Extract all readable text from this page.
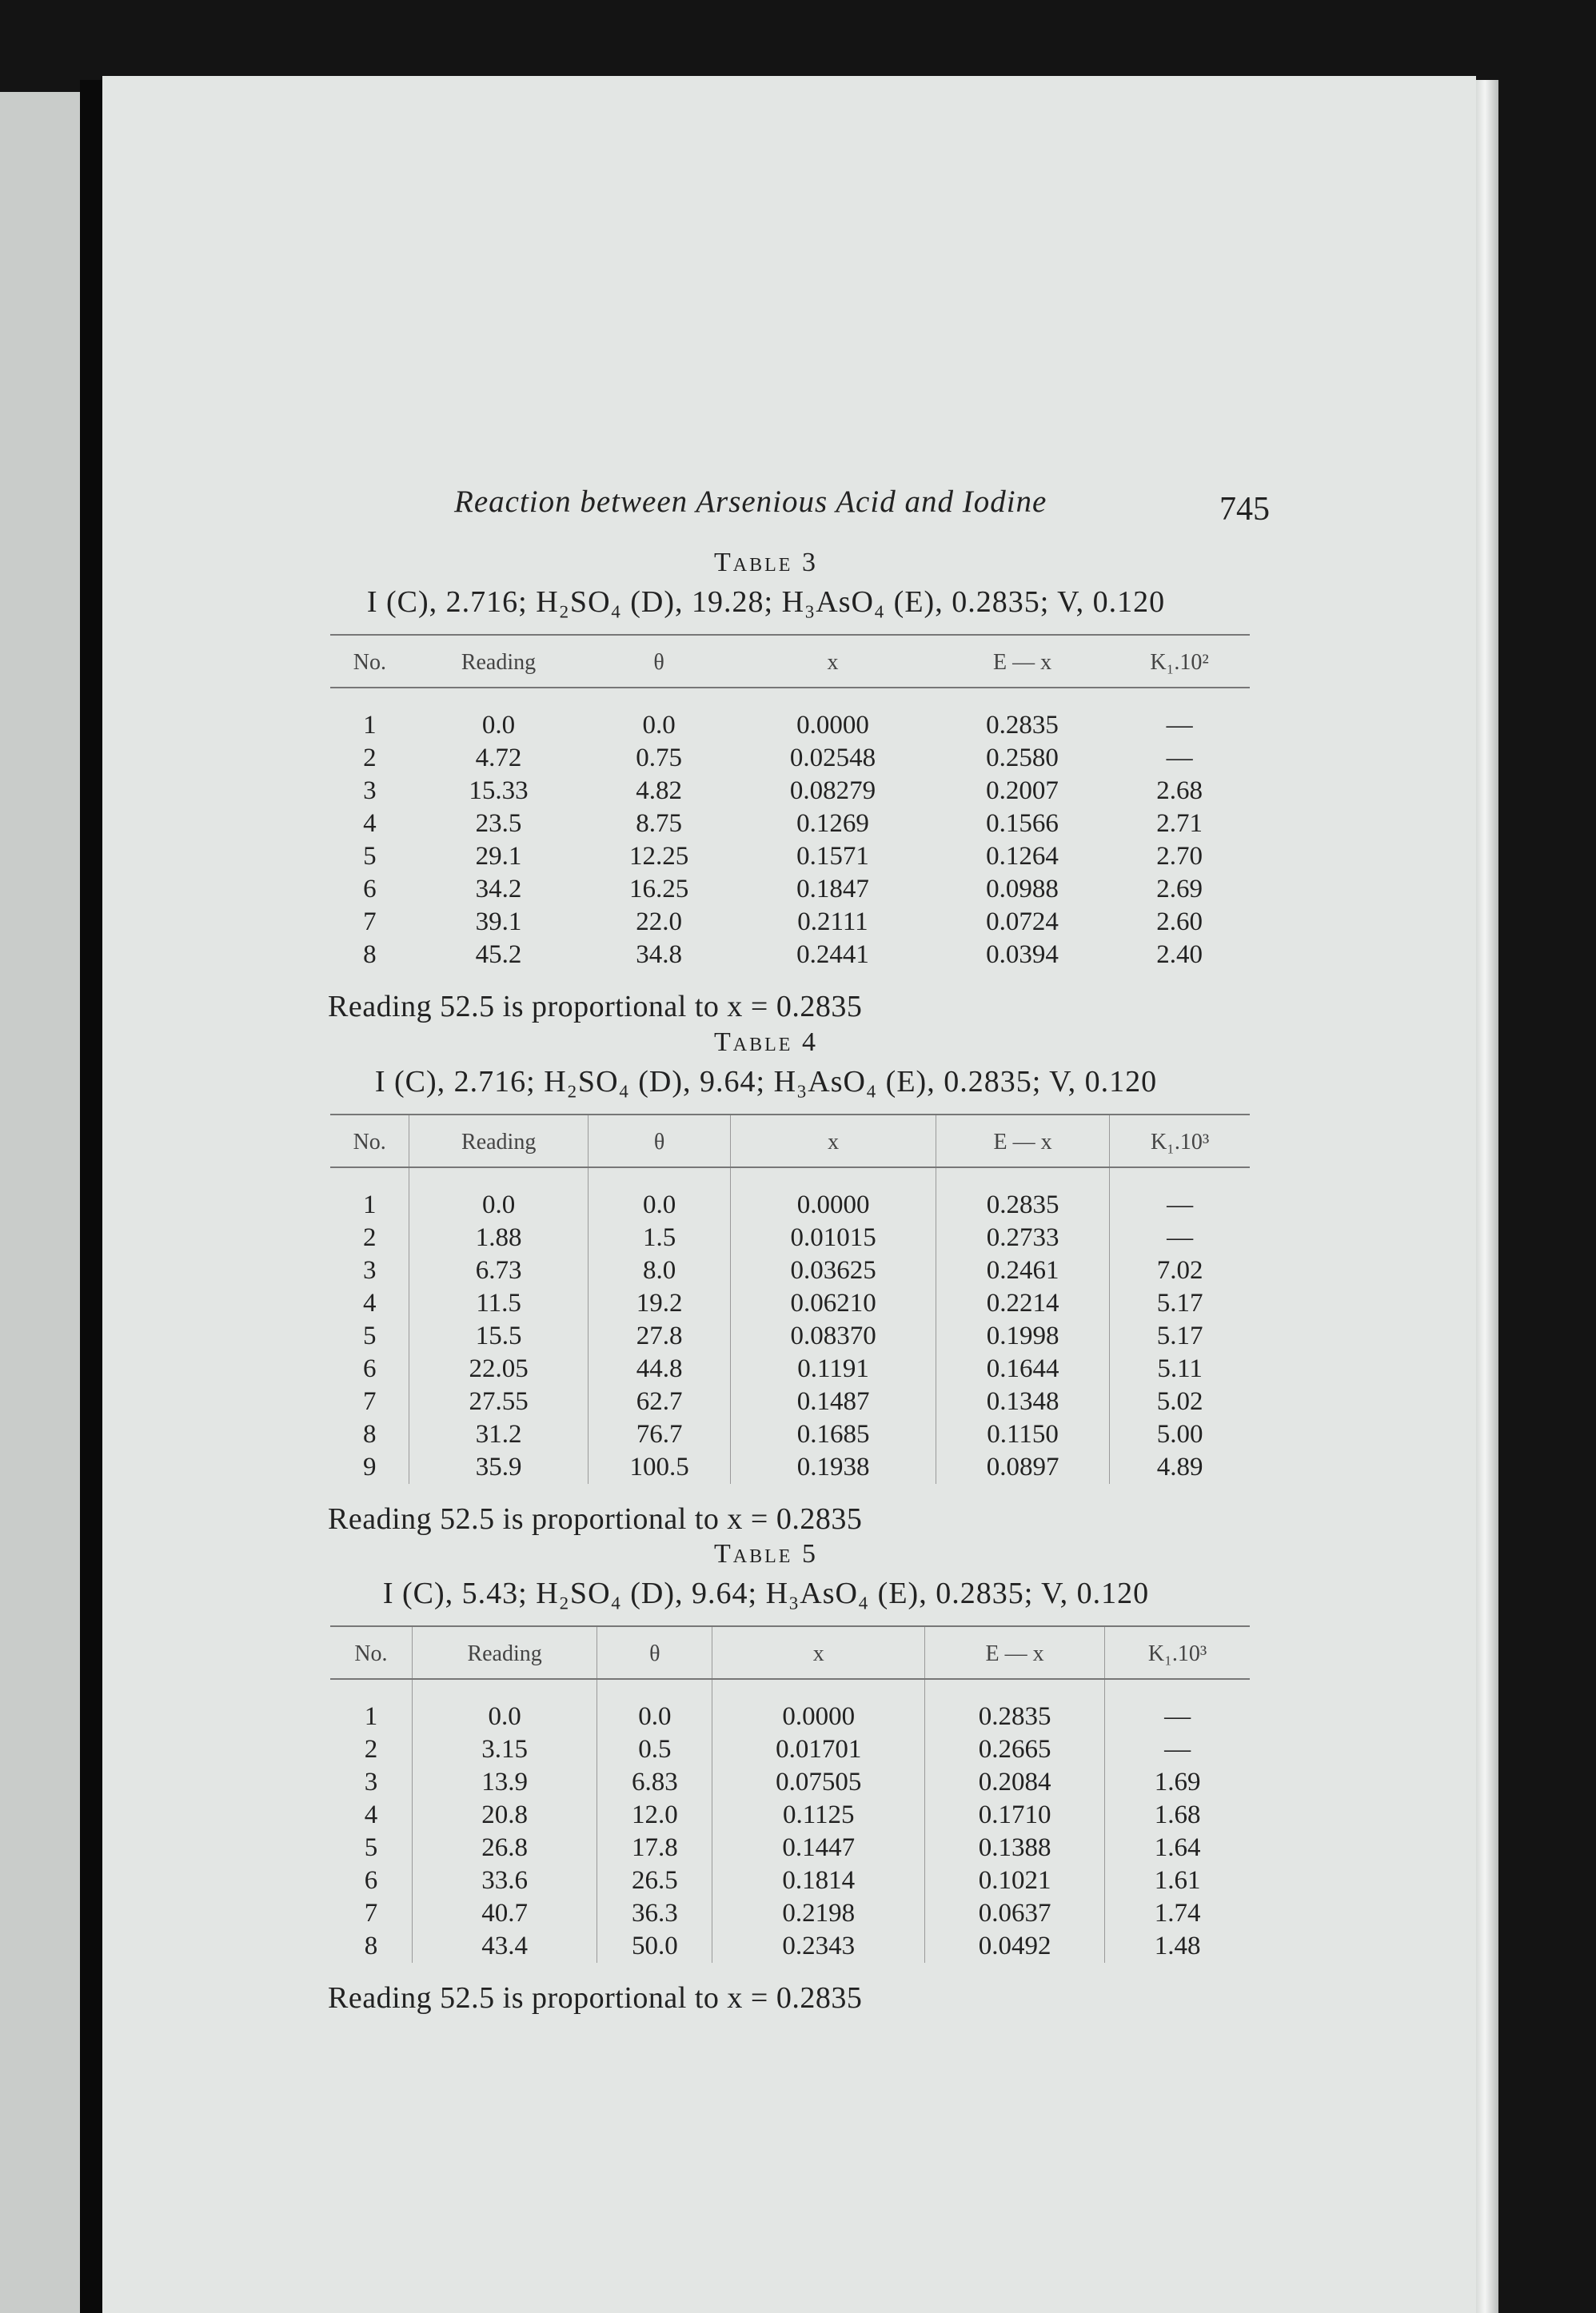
Reaction between Arsenious Acid and Iodine	745
Table 3
I (C), 2.716; H₂SO₄ (D), 19.28; H₃AsO₄ (E), 0.2835; V, 0.120
No.	Reading	θ	x	E — x	K₁.10²
1	0.0	0.0	0.0000	0.2835	—
2	4.72	0.75	0.02548	0.2580	—
3	15.33	4.82	0.08279	0.2007	2.68
4	23.5	8.75	0.1269	0.1566	2.71
5	29.1	12.25	0.1571	0.1264	2.70
6	34.2	16.25	0.1847	0.0988	2.69
7	39.1	22.0	0.2111	0.0724	2.60
8	45.2	34.8	0.2441	0.0394	2.40
Reading 52.5 is proportional to x = 0.2835
Table 4
I (C), 2.716; H₂SO₄ (D), 9.64; H₃AsO₄ (E), 0.2835; V, 0.120
No.	Reading	θ	x	E — x	K₁.10³
1	0.0	0.0	0.0000	0.2835	—
2	1.88	1.5	0.01015	0.2733	—
3	6.73	8.0	0.03625	0.2461	7.02
4	11.5	19.2	0.06210	0.2214	5.17
5	15.5	27.8	0.08370	0.1998	5.17
6	22.05	44.8	0.1191	0.1644	5.11
7	27.55	62.7	0.1487	0.1348	5.02
8	31.2	76.7	0.1685	0.1150	5.00
9	35.9	100.5	0.1938	0.0897	4.89
Reading 52.5 is proportional to x = 0.2835
Table 5
I (C), 5.43; H₂SO₄ (D), 9.64; H₃AsO₄ (E), 0.2835; V, 0.120
No.	Reading	θ	x	E — x	K₁.10³
1	0.0	0.0	0.0000	0.2835	—
2	3.15	0.5	0.01701	0.2665	—
3	13.9	6.83	0.07505	0.2084	1.69
4	20.8	12.0	0.1125	0.1710	1.68
5	26.8	17.8	0.1447	0.1388	1.64
6	33.6	26.5	0.1814	0.1021	1.61
7	40.7	36.3	0.2198	0.0637	1.74
8	43.4	50.0	0.2343	0.0492	1.48
Reading 52.5 is proportional to x = 0.2835
